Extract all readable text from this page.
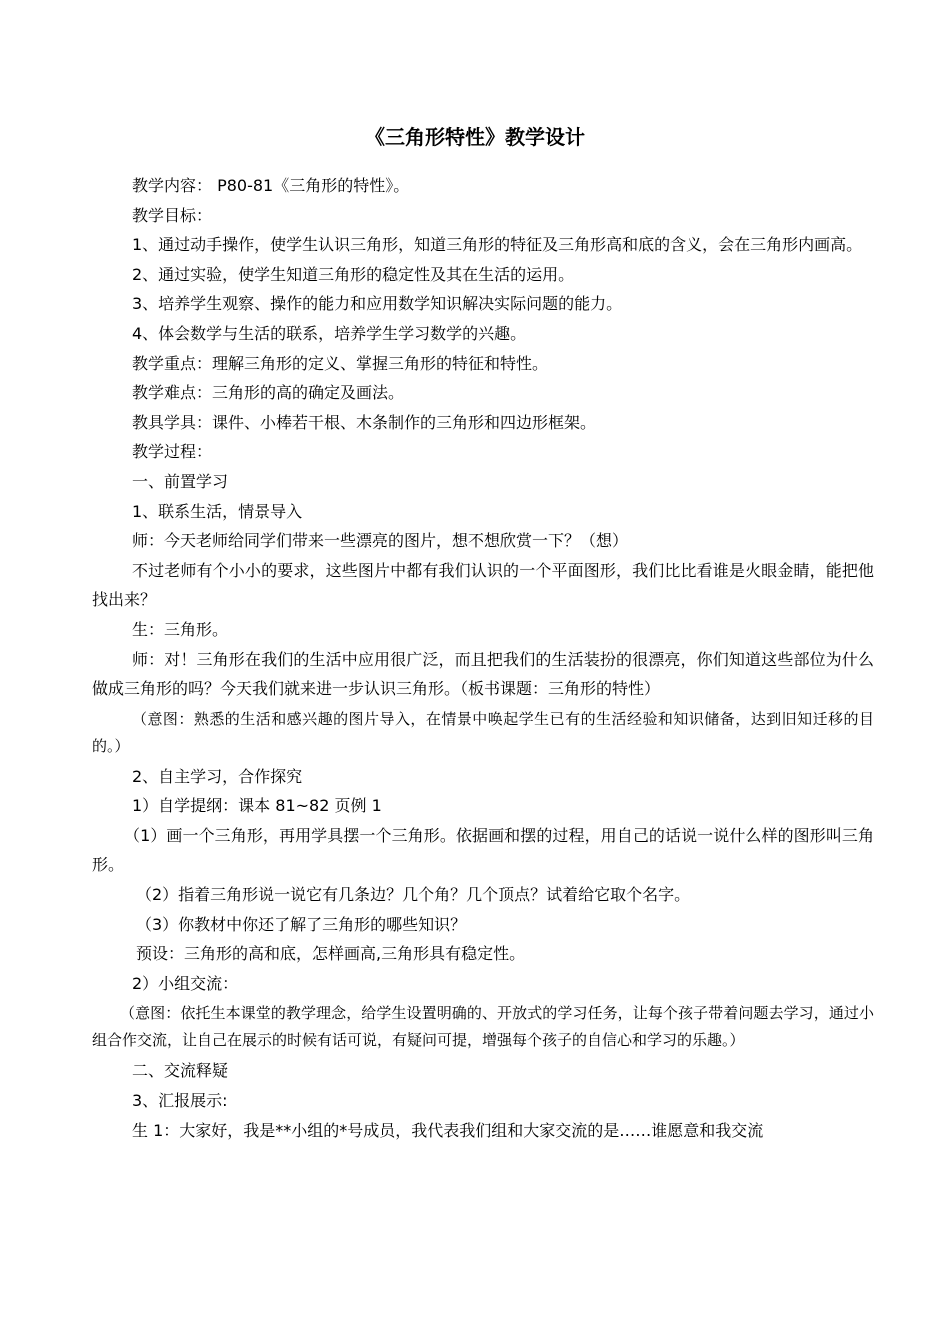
《三角形特性》教学设计

教学内容： P80-81《三角形的特性》。

教学目标：

1、通过动手操作，使学生认识三角形，知道三角形的特征及三角形高和底的含义，会在三角形内画高。

2、通过实验，使学生知道三角形的稳定性及其在生活的运用。

3、培养学生观察、操作的能力和应用数学知识解决实际问题的能力。

4、体会数学与生活的联系，培养学生学习数学的兴趣。

教学重点：理解三角形的定义、掌握三角形的特征和特性。

教学难点：三角形的高的确定及画法。

教具学具：课件、小棒若干根、木条制作的三角形和四边形框架。

教学过程：

一、前置学习

1、联系生活，情景导入

师：今天老师给同学们带来一些漂亮的图片，想不想欣赏一下？（想）

不过老师有个小小的要求，这些图片中都有我们认识的一个平面图形，我们比比看谁是火眼金睛，能把他找出来？

生：三角形。

师：对！三角形在我们的生活中应用很广泛，而且把我们的生活装扮的很漂亮，你们知道这些部位为什么做成三角形的吗？今天我们就来进一步认识三角形。（板书课题：三角形的特性）

（意图：熟悉的生活和感兴趣的图片导入，在情景中唤起学生已有的生活经验和知识储备，达到旧知迁移的目的。）

2、自主学习，合作探究

1）自学提纲：课本 81~82 页例 1

（1）画一个三角形，再用学具摆一个三角形。依据画和摆的过程，用自己的话说一说什么样的图形叫三角形。

（2）指着三角形说一说它有几条边？几个角？几个顶点？试着给它取个名字。

（3）你教材中你还了解了三角形的哪些知识？

预设：三角形的高和底，怎样画高,三角形具有稳定性。

2）小组交流：

（意图：依托生本课堂的教学理念，给学生设置明确的、开放式的学习任务，让每个孩子带着问题去学习，通过小组合作交流，让自己在展示的时候有话可说，有疑问可提，增强每个孩子的自信心和学习的乐趣。）

二、交流释疑

3、汇报展示:

生 1：大家好，我是**小组的*号成员，我代表我们组和大家交流的是……谁愿意和我交流
